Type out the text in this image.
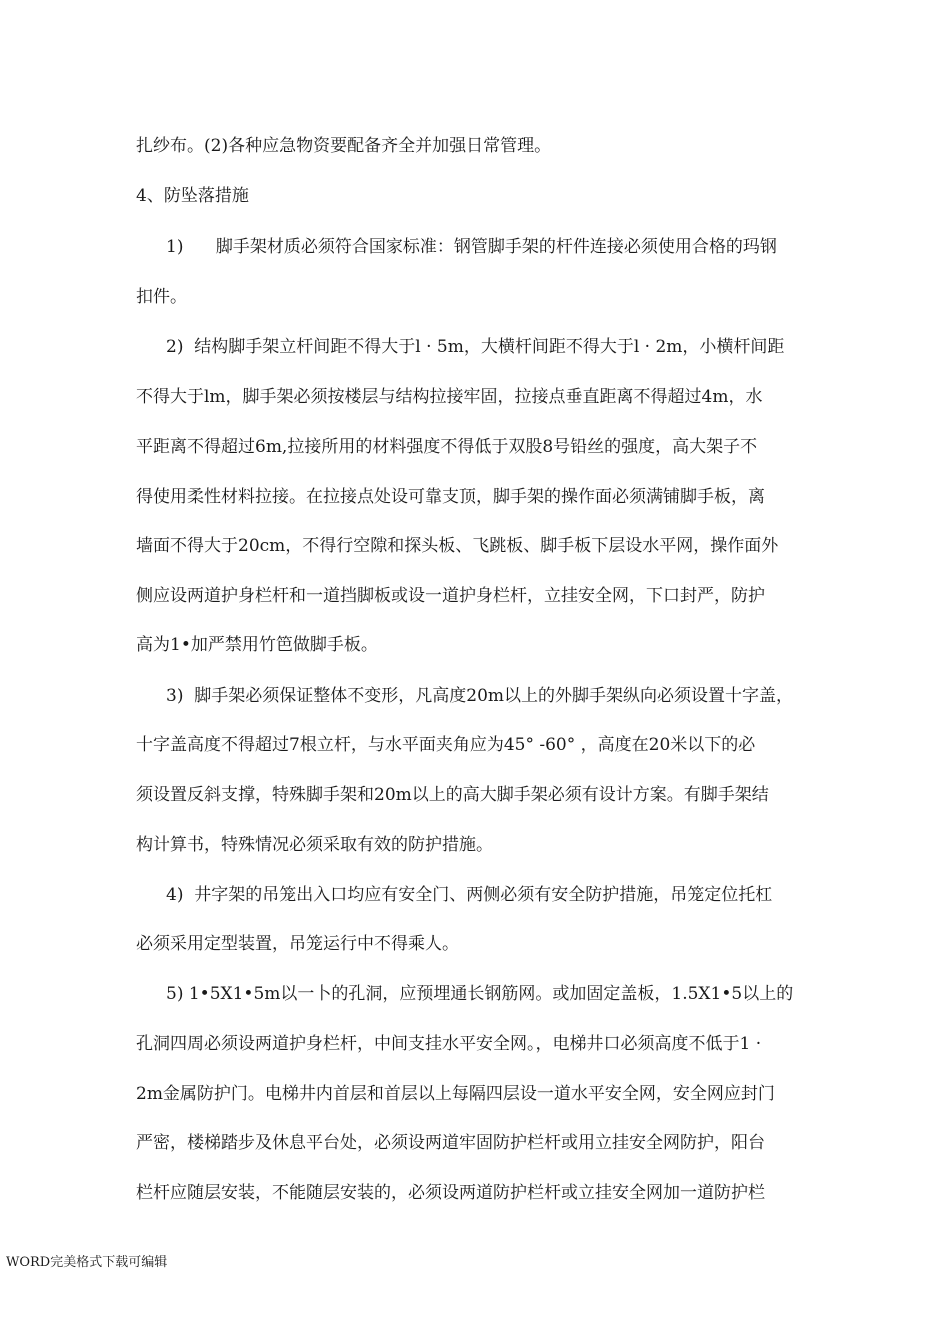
扎纱布。(2)各种应急物资要配备齐全并加强日常管理。

4、防坠落措施

1)      脚手架材质必须符合国家标准：钢管脚手架的杆件连接必须使用合格的玛钢

扣件。

2)  结构脚手架立杆间距不得大于l · 5m，大横杆间距不得大于l · 2m，小横杆间距

不得大于lm，脚手架必须按楼层与结构拉接牢固，拉接点垂直距离不得超过4m，水

平距离不得超过6m,拉接所用的材料强度不得低于双股8号铅丝的强度，高大架子不

得使用柔性材料拉接。在拉接点处设可靠支顶，脚手架的操作面必须满铺脚手板，离

墙面不得大于20cm，不得行空隙和探头板、飞跳板、脚手板下层设水平网，操作面外

侧应设两道护身栏杆和一道挡脚板或设一道护身栏杆，立挂安全网，下口封严，防护

高为1•加严禁用竹笆做脚手板。

3)  脚手架必须保证整体不变形，凡高度20m以上的外脚手架纵向必须设置十字盖，

十字盖高度不得超过7根立杆，与水平面夹角应为45° -60° ，高度在20米以下的必

须设置反斜支撑，特殊脚手架和20m以上的高大脚手架必须有设计方案。有脚手架结

构计算书，特殊情况必须采取有效的防护措施。

4)  井字架的吊笼出入口均应有安全门、两侧必须有安全防护措施，吊笼定位托杠

必须采用定型装置，吊笼运行中不得乘人。

5) 1•5X1•5m以一卜的孔洞，应预埋通长钢筋网。或加固定盖板，1.5X1•5以上的

孔洞四周必须设两道护身栏杆，中间支挂水平安全网。，电梯井口必须高度不低于1 ·

2m金属防护门。电梯井内首层和首层以上每隔四层设一道水平安全网，安全网应封门

严密，楼梯踏步及休息平台处，必须设两道牢固防护栏杆或用立挂安全网防护，阳台

栏杆应随层安装，不能随层安装的，必须设两道防护栏杆或立挂安全网加一道防护栏

WORD完美格式下载可编辑
